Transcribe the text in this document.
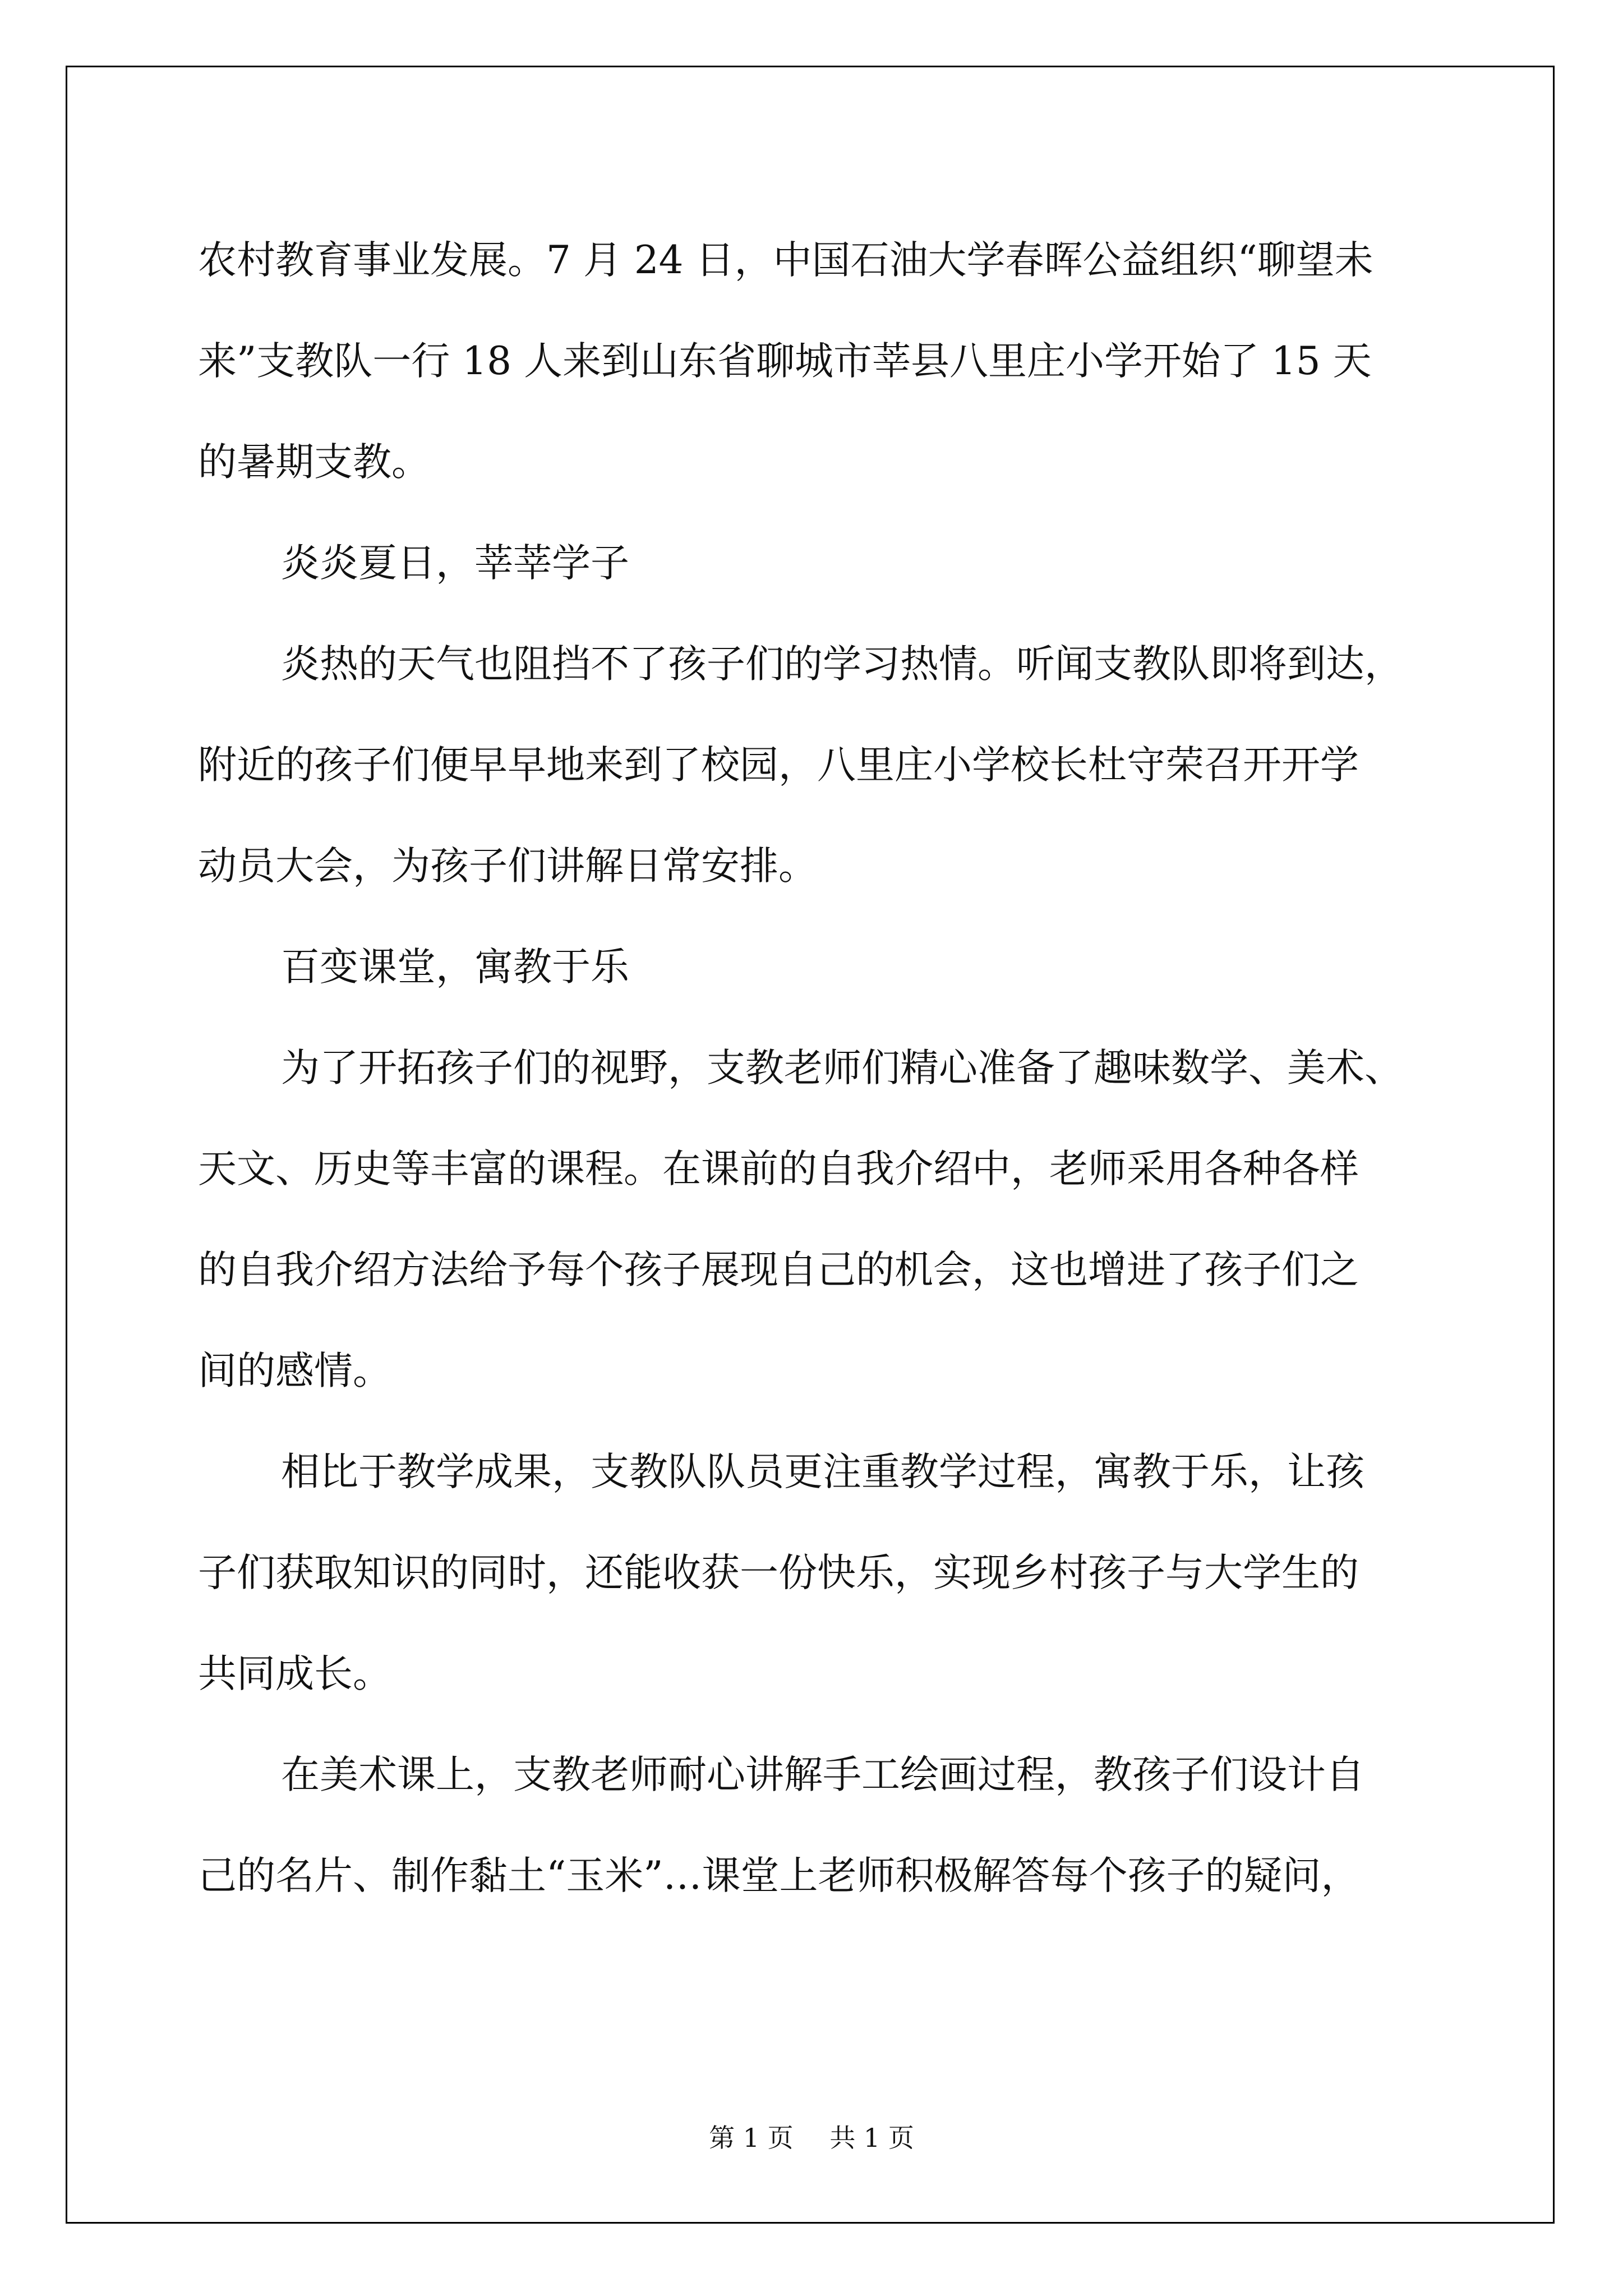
农村教育事业发展。7 月 24 日，中国石油大学春晖公益组织“聊望未
来”支教队一行 18 人来到山东省聊城市莘县八里庄小学开始了 15 天
的暑期支教。
炎炎夏日，莘莘学子
炎热的天气也阻挡不了孩子们的学习热情。听闻支教队即将到达，
附近的孩子们便早早地来到了校园，八里庄小学校长杜守荣召开开学
动员大会，为孩子们讲解日常安排。
百变课堂，寓教于乐
为了开拓孩子们的视野，支教老师们精心准备了趣味数学、美术、
天文、历史等丰富的课程。在课前的自我介绍中，老师采用各种各样
的自我介绍方法给予每个孩子展现自己的机会，这也增进了孩子们之
间的感情。
相比于教学成果，支教队队员更注重教学过程，寓教于乐，让孩
子们获取知识的同时，还能收获一份快乐，实现乡村孩子与大学生的
共同成长。
在美术课上，支教老师耐心讲解手工绘画过程，教孩子们设计自
己的名片、制作黏土“玉米”…课堂上老师积极解答每个孩子的疑问，
第 1 页 共 1 页
